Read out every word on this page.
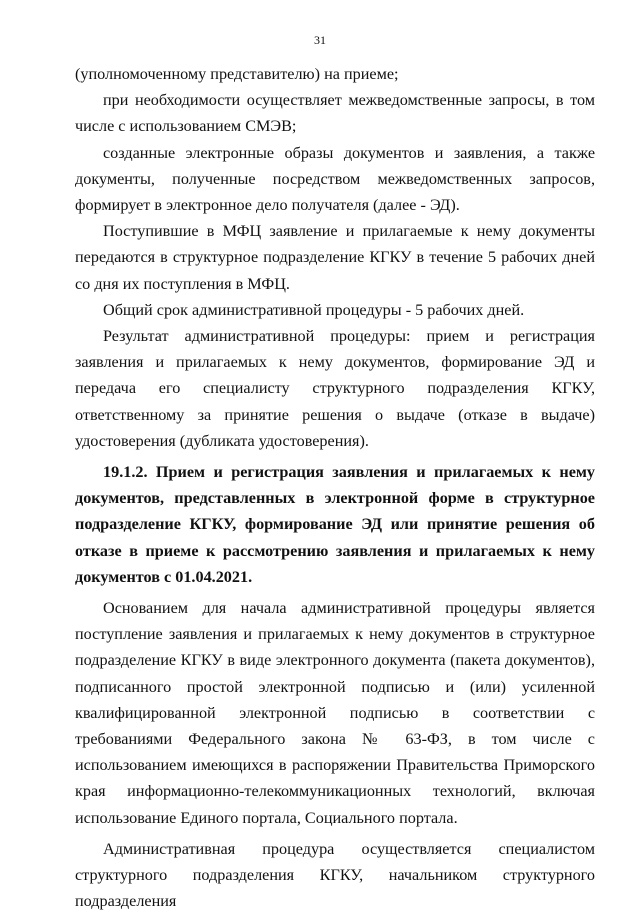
31

(уполномоченному представителю) на приеме;

при необходимости осуществляет межведомственные запросы, в том числе с использованием СМЭВ;

созданные электронные образы документов и заявления, а также документы, полученные посредством межведомственных запросов, формирует в электронное дело получателя (далее - ЭД).

Поступившие в МФЦ заявление и прилагаемые к нему документы передаются в структурное подразделение КГКУ в течение 5 рабочих дней со дня их поступления в МФЦ.

Общий срок административной процедуры - 5 рабочих дней.

Результат административной процедуры: прием и регистрация заявления и прилагаемых к нему документов, формирование ЭД и передача его специалисту структурного подразделения КГКУ, ответственному за принятие решения о выдаче (отказе в выдаче) удостоверения (дубликата удостоверения).

19.1.2. Прием и регистрация заявления и прилагаемых к нему документов, представленных в электронной форме в структурное подразделение КГКУ, формирование ЭД или принятие решения об отказе в приеме к рассмотрению заявления и прилагаемых к нему документов с 01.04.2021.

Основанием для начала административной процедуры является поступление заявления и прилагаемых к нему документов в структурное подразделение КГКУ в виде электронного документа (пакета документов), подписанного простой электронной подписью и (или) усиленной квалифицированной электронной подписью в соответствии с требованиями Федерального закона № 63-ФЗ, в том числе с использованием имеющихся в распоряжении Правительства Приморского края информационно-телекоммуникационных технологий, включая использование Единого портала, Социального портала.

Административная процедура осуществляется специалистом структурного подразделения КГКУ, начальником структурного подразделения
